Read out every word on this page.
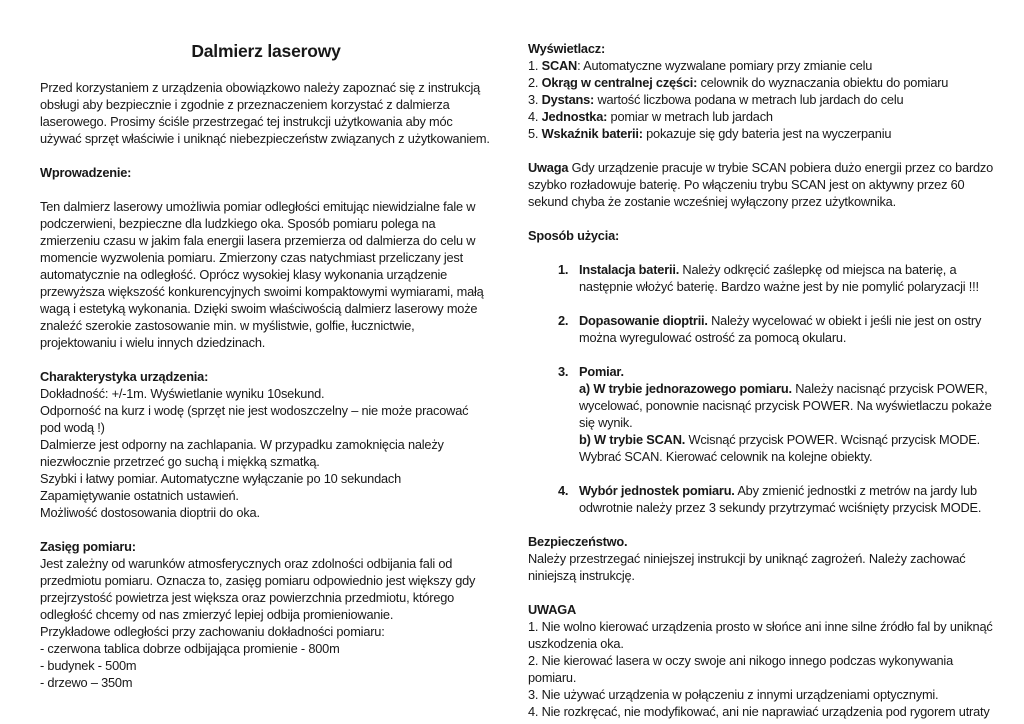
Dalmierz laserowy
Przed korzystaniem z urządzenia obowiązkowo należy zapoznać się z instrukcją obsługi aby bezpiecznie i zgodnie z przeznaczeniem korzystać z dalmierza laserowego. Prosimy ściśle przestrzegać tej instrukcji użytkowania aby móc używać sprzęt właściwie i uniknąć niebezpieczeństw związanych z użytkowaniem.
Wprowadzenie:
Ten dalmierz laserowy umożliwia pomiar odległości emitując niewidzialne fale w podczerwieni, bezpieczne dla ludzkiego oka. Sposób pomiaru polega na zmierzeniu czasu w jakim fala energii lasera przemierza od dalmierza do celu w momencie wyzwolenia pomiaru. Zmierzony czas natychmiast przeliczany jest automatycznie na odległość. Oprócz wysokiej klasy wykonania urządzenie przewyższa większość konkurencyjnych swoimi kompaktowymi wymiarami, małą wagą i estetyką wykonania. Dzięki swoim właściwością dalmierz laserowy może znaleźć szerokie zastosowanie min. w myślistwie, golfie, łucznictwie, projektowaniu i wielu innych dziedzinach.
Charakterystyka urządzenia:
Dokładność: +/-1m. Wyświetlanie wyniku 10sekund.
Odporność na kurz i wodę (sprzęt nie jest wodoszczelny – nie może pracować pod wodą !)
Dalmierze jest odporny na zachlapania. W przypadku zamoknięcia należy niezwłocznie przetrzeć go suchą i miękką szmatką.
Szybki i łatwy pomiar. Automatyczne wyłączanie po 10 sekundach
Zapamiętywanie ostatnich ustawień.
Możliwość dostosowania dioptrii do oka.
Zasięg pomiaru:
Jest zależny od warunków atmosferycznych oraz zdolności odbijania fali od przedmiotu pomiaru. Oznacza to, zasięg pomiaru odpowiednio jest większy gdy przejrzystość powietrza jest większa oraz powierzchnia przedmiotu, którego odległość chcemy od nas zmierzyć lepiej odbija promieniowanie.
Przykładowe odległości przy zachowaniu dokładności pomiaru:
- czerwona tablica dobrze odbijająca promienie - 800m
- budynek - 500m
- drzewo – 350m
Wyświetlacz:
1. SCAN: Automatyczne wyzwalane pomiary przy zmianie celu
2. Okrąg w centralnej części: celownik do wyznaczania obiektu do pomiaru
3. Dystans: wartość liczbowa podana w metrach lub jardach do celu
4. Jednostka: pomiar w metrach lub jardach
5. Wskaźnik baterii: pokazuje się gdy bateria jest na wyczerpaniu
Uwaga Gdy urządzenie pracuje w trybie SCAN pobiera dużo energii przez co bardzo szybko rozładowuje baterię. Po włączeniu trybu SCAN jest on aktywny przez 60 sekund chyba że zostanie wcześniej wyłączony przez użytkownika.
Sposób użycia:
1. Instalacja baterii. Należy odkręcić zaślepkę od miejsca na baterię, a następnie włożyć baterię. Bardzo ważne jest by nie pomylić polaryzacji !!!
2. Dopasowanie dioptrii. Należy wycelować w obiekt i jeśli nie jest on ostry można wyregulować ostrość za pomocą okularu.
3. Pomiar.
a) W trybie jednorazowego pomiaru. Należy nacisnąć przycisk POWER, wycelować, ponownie nacisnąć przycisk POWER. Na wyświetlaczu pokaże się wynik.
b) W trybie SCAN. Wcisnąć przycisk POWER. Wcisnąć przycisk MODE. Wybrać SCAN. Kierować celownik na kolejne obiekty.
4. Wybór jednostek pomiaru. Aby zmienić jednostki z metrów na jardy lub odwrotnie należy przez 3 sekundy przytrzymać wciśnięty przycisk MODE.
Bezpieczeństwo.
Należy przestrzegać niniejszej instrukcji by uniknąć zagrożeń. Należy zachować niniejszą instrukcję.
UWAGA
1. Nie wolno kierować urządzenia prosto w słońce ani inne silne źródło fal by uniknąć uszkodzenia oka.
2. Nie kierować lasera w oczy swoje ani nikogo innego podczas wykonywania pomiaru.
3. Nie używać urządzenia w połączeniu z innymi urządzeniami optycznymi.
4. Nie rozkręcać, nie modyfikować, ani nie naprawiać urządzenia pod rygorem utraty
